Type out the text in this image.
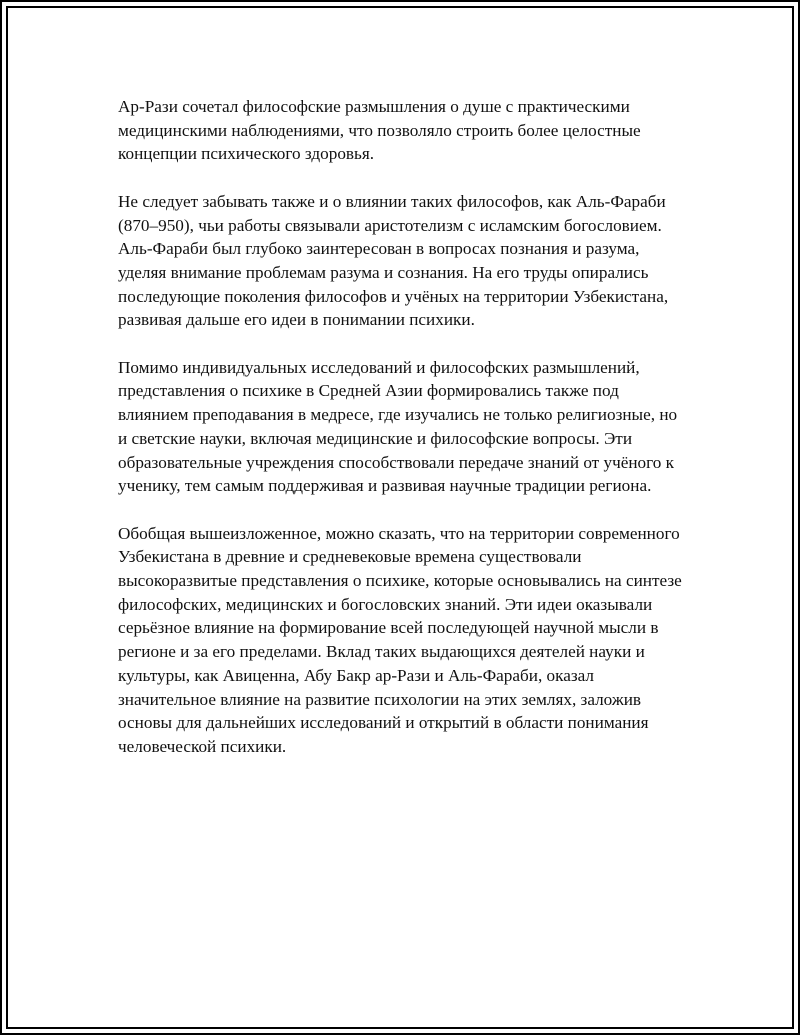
Ар-Рази сочетал философские размышления о душе с практическими медицинскими наблюдениями, что позволяло строить более целостные концепции психического здоровья.

Не следует забывать также и о влиянии таких философов, как Аль-Фараби (870–950), чьи работы связывали аристотелизм с исламским богословием. Аль-Фараби был глубоко заинтересован в вопросах познания и разума, уделяя внимание проблемам разума и сознания. На его труды опирались последующие поколения философов и учёных на территории Узбекистана, развивая дальше его идеи в понимании психики.

Помимо индивидуальных исследований и философских размышлений, представления о психике в Средней Азии формировались также под влиянием преподавания в медресе, где изучались не только религиозные, но и светские науки, включая медицинские и философские вопросы. Эти образовательные учреждения способствовали передаче знаний от учёного к ученику, тем самым поддерживая и развивая научные традиции региона.

Обобщая вышеизложенное, можно сказать, что на территории современного Узбекистана в древние и средневековые времена существовали высокоразвитые представления о психике, которые основывались на синтезе философских, медицинских и богословских знаний. Эти идеи оказывали серьёзное влияние на формирование всей последующей научной мысли в регионе и за его пределами. Вклад таких выдающихся деятелей науки и культуры, как Авиценна, Абу Бакр ар-Рази и Аль-Фараби, оказал значительное влияние на развитие психологии на этих землях, заложив основы для дальнейших исследований и открытий в области понимания человеческой психики.
